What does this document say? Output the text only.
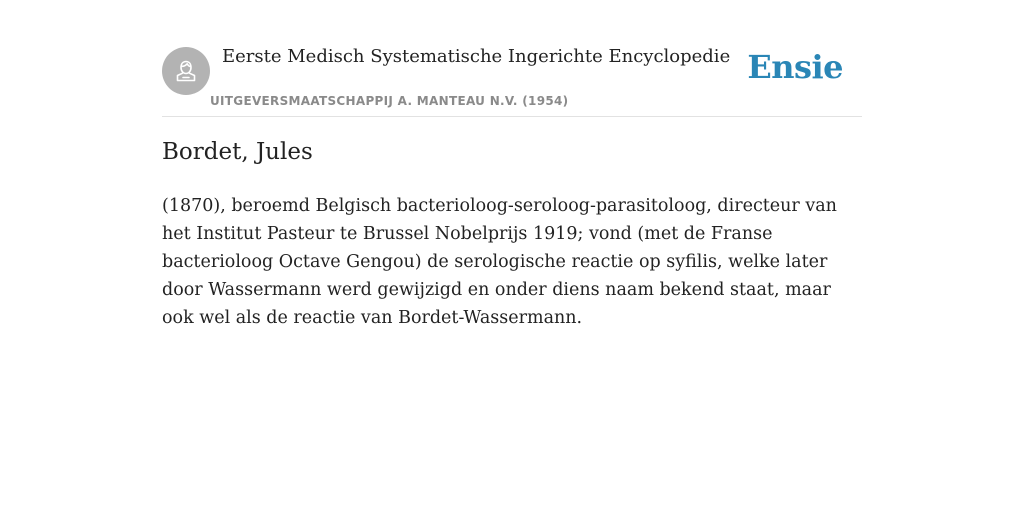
Eerste Medisch Systematische Ingerichte Encyclopedie
UITGEVERSMAATSCHAPPIJ A. MANTEAU N.V. (1954)
Ensie
Bordet, Jules

(1870), beroemd Belgisch bacterioloog-seroloog-parasitoloog, directeur van het Institut Pasteur te Brussel Nobelprijs 1919; vond (met de Franse bacterioloog Octave Gengou) de serologische reactie op syfilis, welke later door Wassermann werd gewijzigd en onder diens naam bekend staat, maar ook wel als de reactie van Bordet-Wassermann.
